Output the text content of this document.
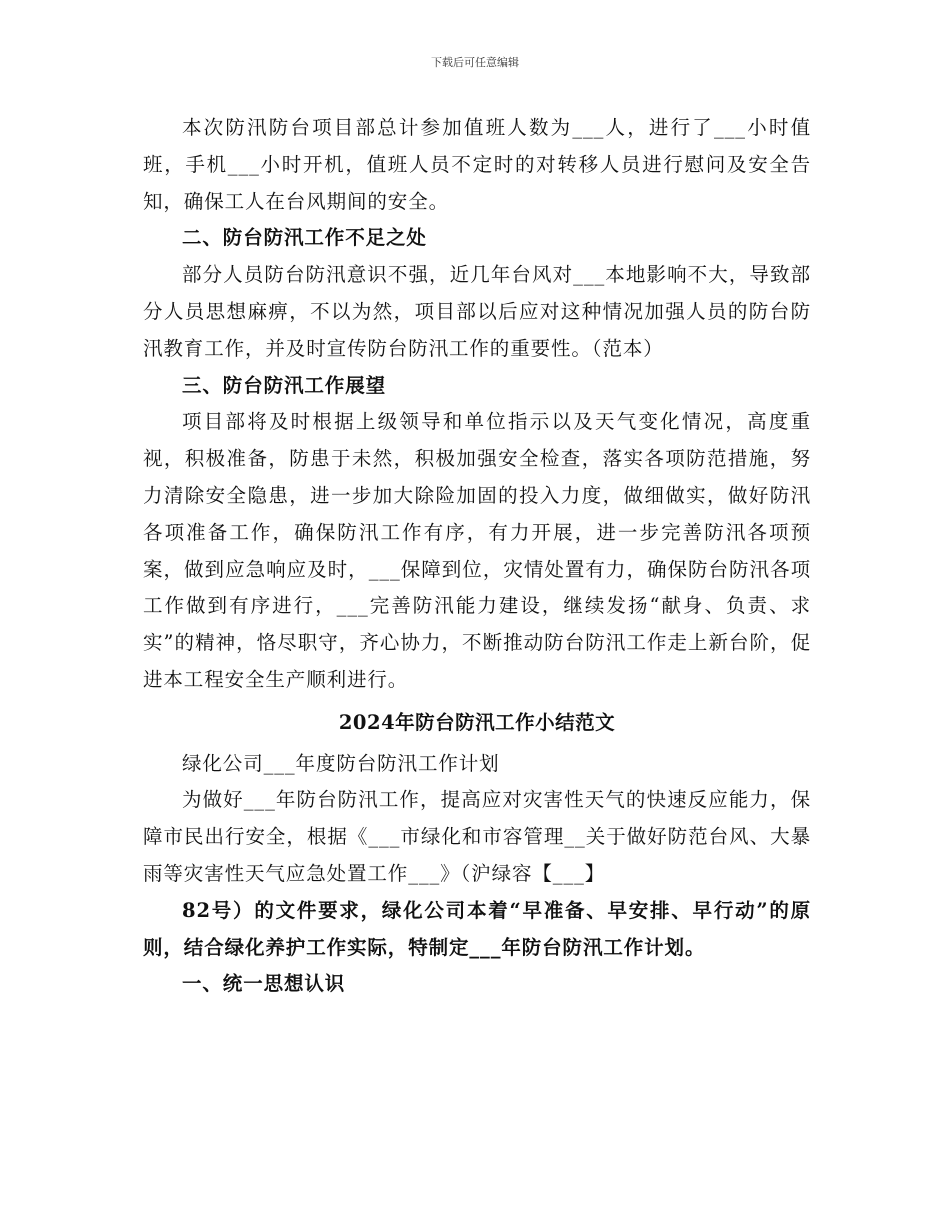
下载后可任意编辑

本次防汛防台项目部总计参加值班人数为___人，进行了___小时值班，手机___小时开机，值班人员不定时的对转移人员进行慰问及安全告知，确保工人在台风期间的安全。

二、防台防汛工作不足之处

部分人员防台防汛意识不强，近几年台风对___本地影响不大，导致部分人员思想麻痹，不以为然，项目部以后应对这种情况加强人员的防台防汛教育工作，并及时宣传防台防汛工作的重要性。（范本）

三、防台防汛工作展望

项目部将及时根据上级领导和单位指示以及天气变化情况，高度重视，积极准备，防患于未然，积极加强安全检查，落实各项防范措施，努力清除安全隐患，进一步加大除险加固的投入力度，做细做实，做好防汛各项准备工作，确保防汛工作有序，有力开展，进一步完善防汛各项预案，做到应急响应及时，___保障到位，灾情处置有力，确保防台防汛各项工作做到有序进行，___完善防汛能力建设，继续发扬“献身、负责、求实”的精神，恪尽职守，齐心协力，不断推动防台防汛工作走上新台阶，促进本工程安全生产顺利进行。

2024年防台防汛工作小结范文

绿化公司___年度防台防汛工作计划

为做好___年防台防汛工作，提高应对灾害性天气的快速反应能力，保障市民出行安全，根据《___市绿化和市容管理__关于做好防范台风、大暴雨等灾害性天气应急处置工作___》（沪绿容【___】

82号）的文件要求，绿化公司本着“早准备、早安排、早行动”的原则，结合绿化养护工作实际，特制定___年防台防汛工作计划。

一、统一思想认识
